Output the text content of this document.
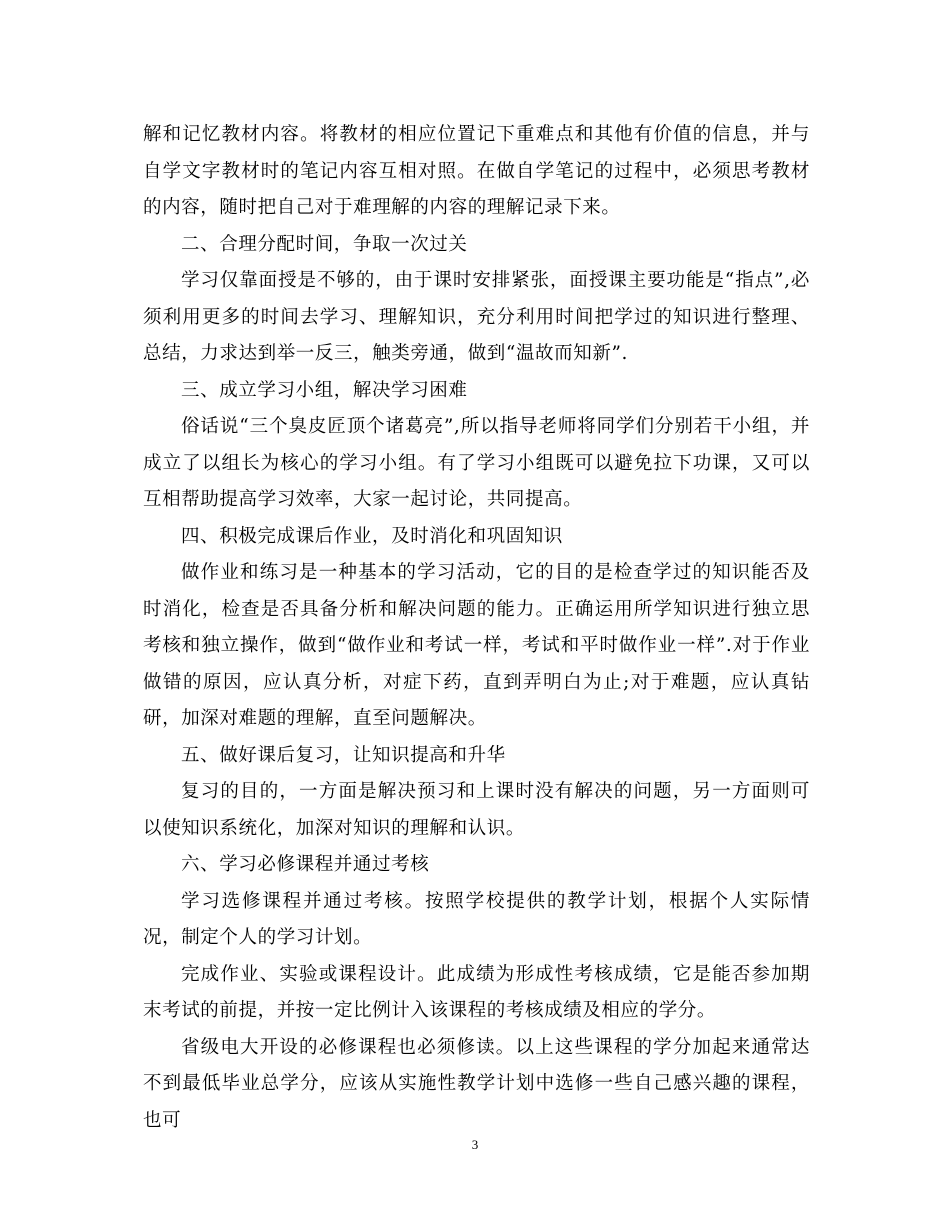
解和记忆教材内容。将教材的相应位置记下重难点和其他有价值的信息，并与自学文字教材时的笔记内容互相对照。在做自学笔记的过程中，必须思考教材的内容，随时把自己对于难理解的内容的理解记录下来。

二、合理分配时间，争取一次过关

学习仅靠面授是不够的，由于课时安排紧张，面授课主要功能是“指点”,必须利用更多的时间去学习、理解知识，充分利用时间把学过的知识进行整理、总结，力求达到举一反三，触类旁通，做到“温故而知新”.

三、成立学习小组，解决学习困难

俗话说“三个臭皮匠顶个诸葛亮”,所以指导老师将同学们分别若干小组，并成立了以组长为核心的学习小组。有了学习小组既可以避免拉下功课，又可以互相帮助提高学习效率，大家一起讨论，共同提高。

四、积极完成课后作业，及时消化和巩固知识

做作业和练习是一种基本的学习活动，它的目的是检查学过的知识能否及时消化，检查是否具备分析和解决问题的能力。正确运用所学知识进行独立思考核和独立操作，做到“做作业和考试一样，考试和平时做作业一样”.对于作业做错的原因，应认真分析，对症下药，直到弄明白为止;对于难题，应认真钻研，加深对难题的理解，直至问题解决。

五、做好课后复习，让知识提高和升华

复习的目的，一方面是解决预习和上课时没有解决的问题，另一方面则可以使知识系统化，加深对知识的理解和认识。

六、学习必修课程并通过考核

学习选修课程并通过考核。按照学校提供的教学计划，根据个人实际情况，制定个人的学习计划。

完成作业、实验或课程设计。此成绩为形成性考核成绩，它是能否参加期末考试的前提，并按一定比例计入该课程的考核成绩及相应的学分。

省级电大开设的必修课程也必须修读。以上这些课程的学分加起来通常达不到最低毕业总学分，应该从实施性教学计划中选修一些自己感兴趣的课程，也可

3
